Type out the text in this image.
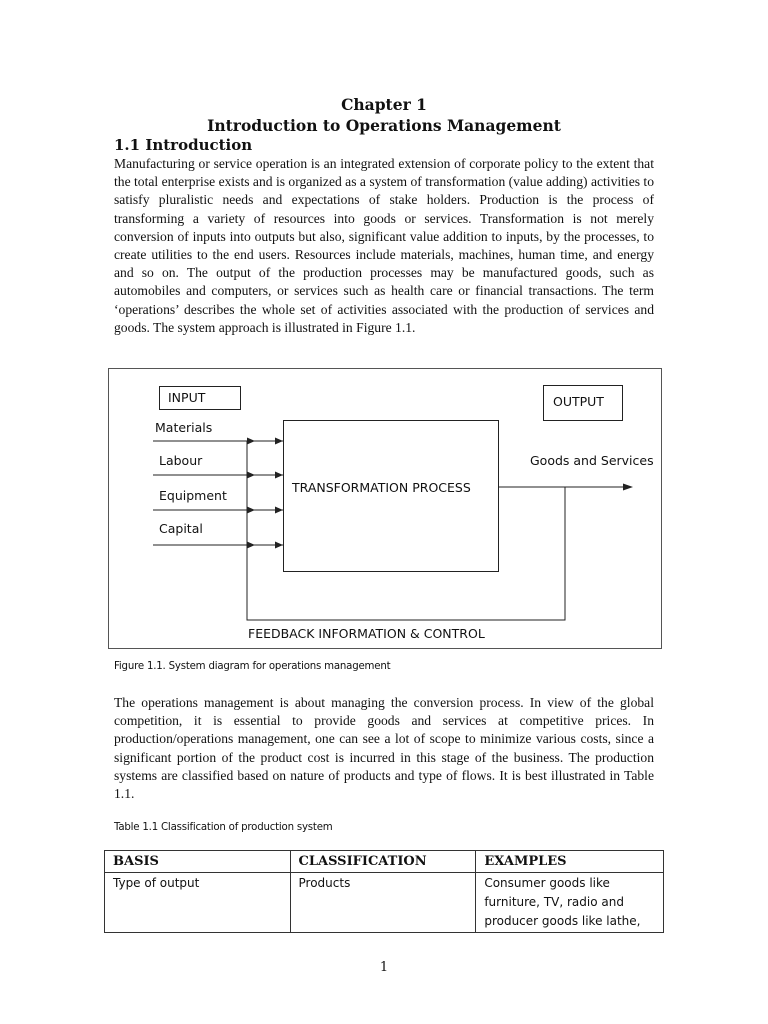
Chapter 1
Introduction to Operations Management
1.1 Introduction
Manufacturing or service operation is an integrated extension of corporate policy to the extent that the total enterprise exists and is organized as a system of transformation (value adding) activities to satisfy pluralistic needs and expectations of stake holders. Production is the process of transforming a variety of resources into goods or services. Transformation is not merely conversion of inputs into outputs but also, significant value addition to inputs, by the processes, to create utilities to the end users. Resources include materials, machines, human time, and energy and so on. The output of the production processes may be manufactured goods, such as automobiles and computers, or services such as health care or financial transactions. The term ‘operations’ describes the whole set of activities associated with the production of services and goods. The system approach is illustrated in Figure 1.1.
INPUT	OUTPUT
TRANSFORMATION PROCESS
Materials
Labour
Equipment
Capital
Goods and Services
FEEDBACK INFORMATION & CONTROL
Figure 1.1. System diagram for operations management
The operations management is about managing the conversion process. In view of the global competition, it is essential to provide goods and services at competitive prices. In production/operations management, one can see a lot of scope to minimize various costs, since a significant portion of the product cost is incurred in this stage of the business. The production systems are classified based on nature of products and type of flows. It is best illustrated in Table 1.1.
Table 1.1 Classification of production system
BASIS	CLASSIFICATION	EXAMPLES
Type of output	Products	Consumer goods like furniture, TV, radio and producer goods like lathe,
1
